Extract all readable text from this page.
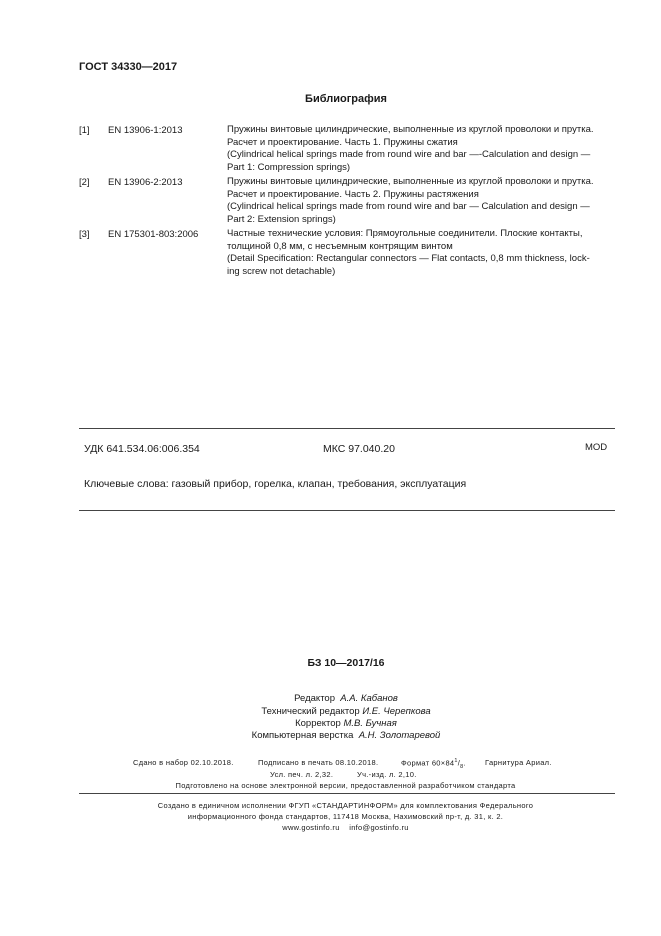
ГОСТ 34330—2017
Библиография
[1] EN 13906-1:2013	Пружины винтовые цилиндрические, выполненные из круглой проволоки и прутка.
Расчет и проектирование. Часть 1. Пружины сжатия
(Cylindrical helical springs made from round wire and bar —-Calculation and design —
Part 1: Compression springs)
[2] EN 13906-2:2013	Пружины винтовые цилиндрические, выполненные из круглой проволоки и прутка.
Расчет и проектирование. Часть 2. Пружины растяжения
(Cylindrical helical springs made from round wire and bar — Calculation and design —
Part 2: Extension springs)
[3] EN 175301-803:2006	Частные технические условия: Прямоугольные соединители. Плоские контакты,
толщиной 0,8 мм, с несъемным контрящим винтом
(Detail Specification: Rectangular connectors — Flat contacts, 0,8 mm thickness, lock-
ing screw not detachable)
УДК 641.534.06:006.354	МКС 97.040.20	MOD
Ключевые слова: газовый прибор, горелка, клапан, требования, эксплуатация
БЗ 10—2017/16
Редактор А.А. Кабанов
Технический редактор И.Е. Черепкова
Корректор М.В. Бучная
Компьютерная верстка А.Н. Золотаревой
Сдано в набор 02.10.2018.	Подписано в печать 08.10.2018.	Формат $60\times 84^1/_8$.	Гарнитура Ариал.
Усл. печ. л. 2,32.	Уч.-изд. л. 2,10.
Подготовлено на основе электронной версии, предоставленной разработчиком стандарта
Создано в единичном исполнении ФГУП «СТАНДАРТИНФОРМ» для комплектования Федерального
информационного фонда стандартов, 117418 Москва, Нахимовский пр-т, д. 31, к. 2.
www.gostinfo.ru info@gostinfo.ru
